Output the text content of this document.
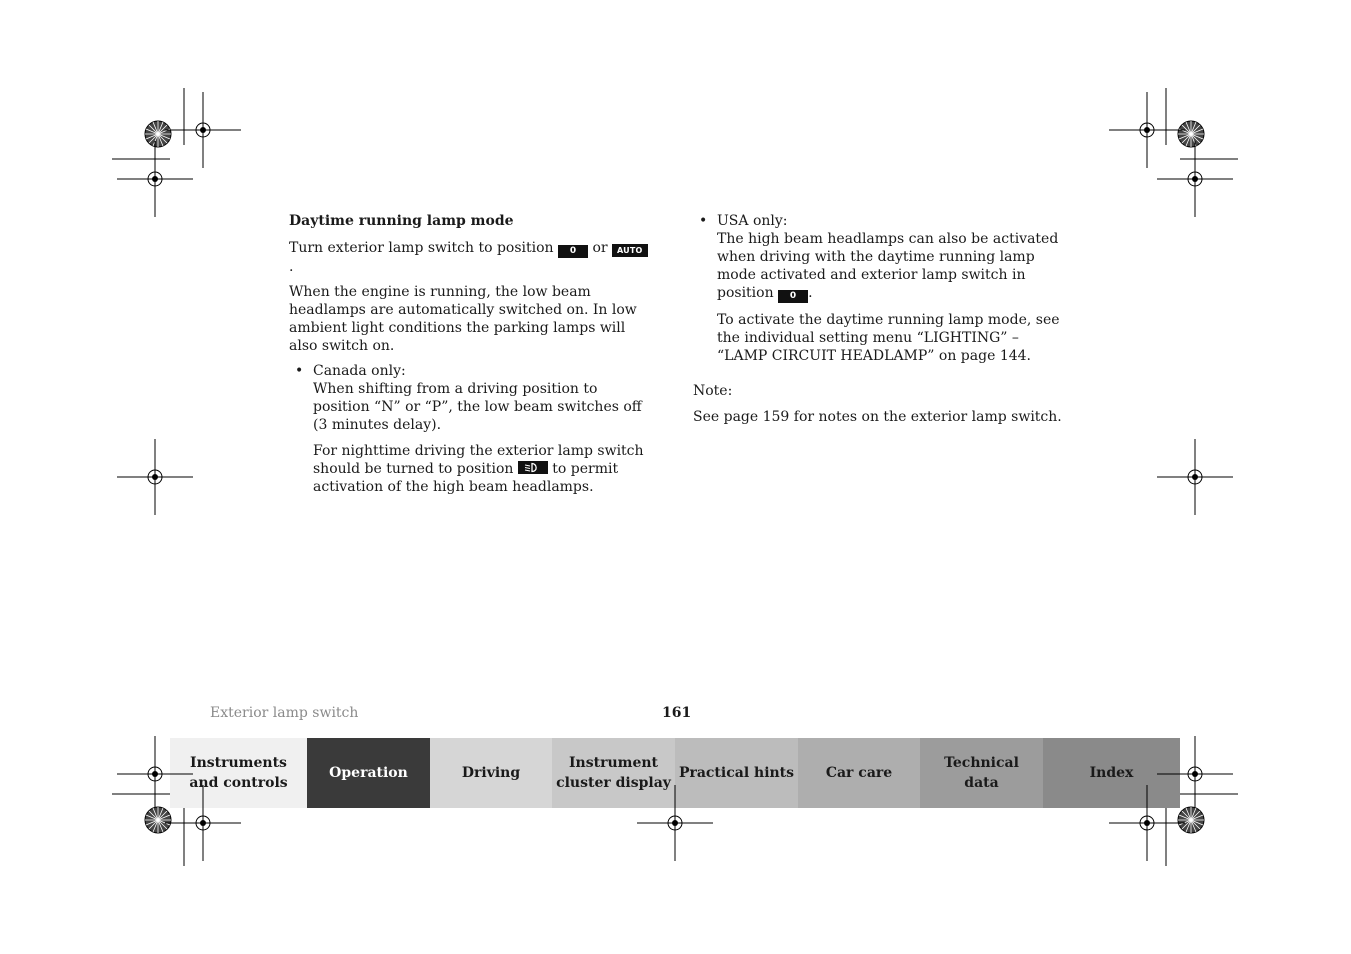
Daytime running lamp mode

Turn exterior lamp switch to position 0 or AUTO.

When the engine is running, the low beam headlamps are automatically switched on. In low ambient light conditions the parking lamps will also switch on.

• Canada only:

When shifting from a driving position to position “N” or “P”, the low beam switches off (3 minutes delay).

For nighttime driving the exterior lamp switch should be turned to position
to permit activation of the high beam headlamps.

• USA only:

The high beam headlamps can also be activated when driving with the daytime running lamp mode activated and exterior lamp switch in position 0 .

To activate the daytime running lamp mode, see the individual setting menu “LIGHTING” – “LAMP CIRCUIT HEADLAMP” on page 144.

Note:

See page 159 for notes on the exterior lamp switch.

Exterior lamp switch	161
Instruments
and controls
Operation	Driving
Instrument
cluster display
Practical hints Car care
Technical
data
Index
